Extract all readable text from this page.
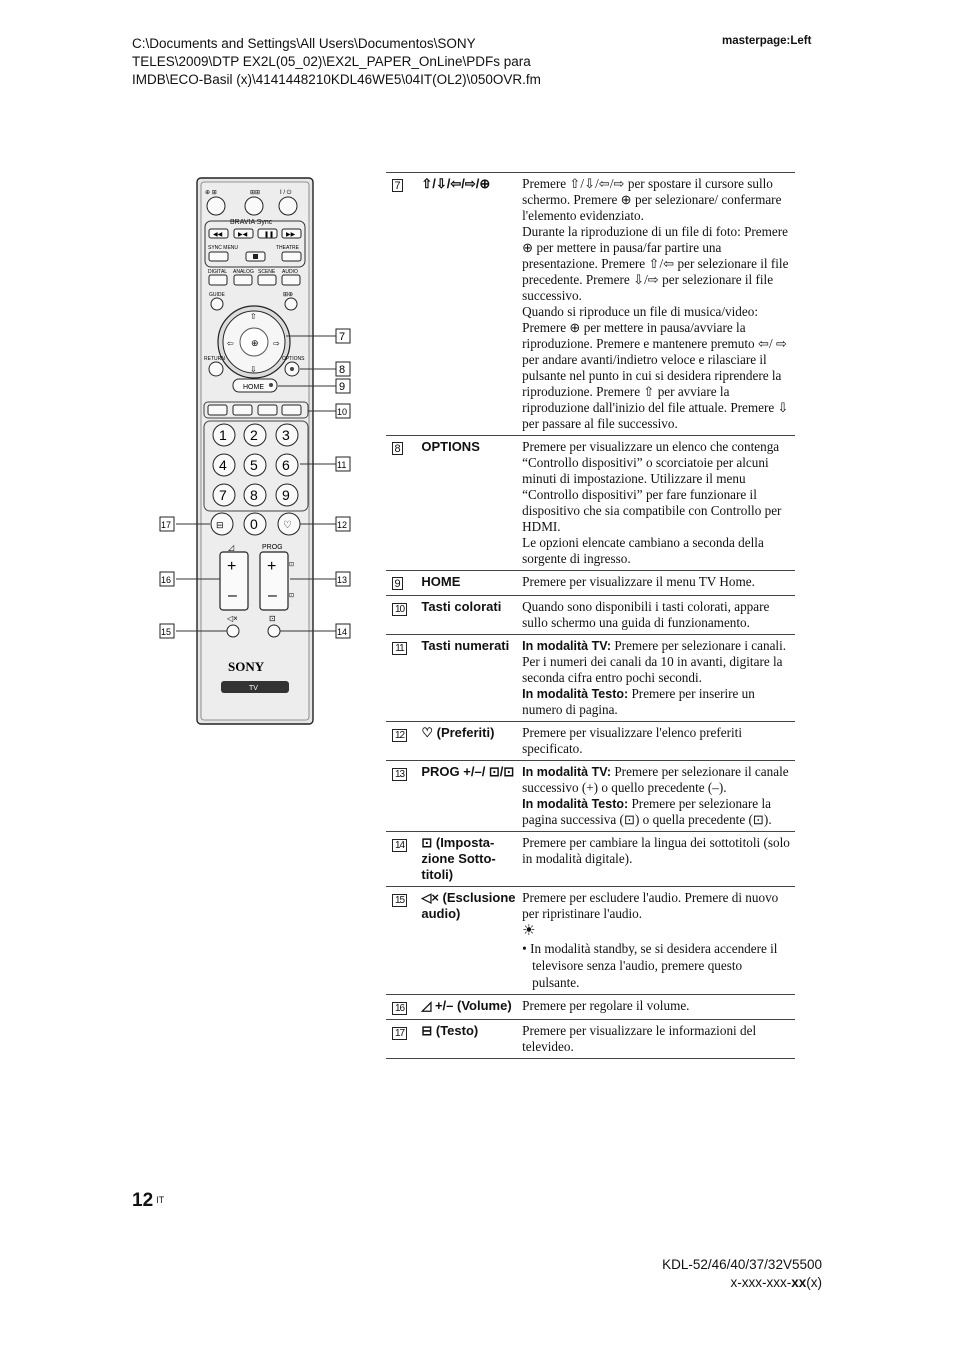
C:\Documents and Settings\All Users\Documentos\SONY
TELES\2009\DTP EX2L(05_02)\EX2L_PAPER_OnLine\PDFs para
IMDB\ECO-Basil (x)\4141448210KDL46WE5\04IT(OL2)\050OVR.fm
masterpage:Left
⊕ ⊞	⊞⊞	I / ⏻
BRAVIA Sync
◀◀	▶◀	❚❚ ▶▶
SYNC MENU	THEATRE
DIGITAL ANALOG SCENE AUDIO
GUIDE	⊞⊕
⊕
⇧
⇩
⇦	⇨
RETURN	OPTIONS
HOME
1 2 3
4 5 6
7 8 9
⊟ 0	♡
◿	PROG
+
–
+
–
⊡
⊡
◁×	⊡
SONY
TV
7
8
9
10
11
12
13
14
17
16
15
7	⇧/⇩/⇦/⇨/⊕	Premere ⇧/⇩/⇦/⇨ per spostare il cursore sullo schermo. Premere ⊕ per selezionare/ confermare l'elemento evidenziato.
Durante la riproduzione di un file di foto: Premere ⊕ per mettere in pausa/far partire una presentazione. Premere ⇧/⇦ per selezionare il file precedente. Premere ⇩/⇨ per selezionare il file successivo.
Quando si riproduce un file di musica/video: Premere ⊕ per mettere in pausa/avviare la riproduzione. Premere e mantenere premuto ⇦/ ⇨ per andare avanti/indietro veloce e rilasciare il pulsante nel punto in cui si desidera riprendere la riproduzione. Premere ⇧ per avviare la riproduzione dall'inizio del file attuale. Premere ⇩ per passare al file successivo.

8	OPTIONS	Premere per visualizzare un elenco che contenga “Controllo dispositivi” o scorciatoie per alcuni minuti di impostazione. Utilizzare il menu “Controllo dispositivi” per fare funzionare il dispositivo che sia compatibile con Controllo per HDMI.
Le opzioni elencate cambiano a seconda della sorgente di ingresso.

9	HOME	Premere per visualizzare il menu TV Home.

10	Tasti colorati	Quando sono disponibili i tasti colorati, appare sullo schermo una guida di funzionamento.

11	Tasti numerati	In modalità TV: Premere per selezionare i canali. Per i numeri dei canali da 10 in avanti, digitare la seconda cifra entro pochi secondi.
In modalità Testo: Premere per inserire un numero di pagina.

12	♡ (Preferiti)	Premere per visualizzare l'elenco preferiti specificato.

13	PROG +/–/ ⊡/⊡	In modalità TV: Premere per selezionare il canale successivo (+) o quello precedente (–).
In modalità Testo: Premere per selezionare la pagina successiva (⊡) o quella precedente (⊡).

14	⊡ (Imposta-zione Sotto-titoli)	Premere per cambiare la lingua dei sottotitoli (solo in modalità digitale).

15	◁× (Esclusione audio)	Premere per escludere l'audio. Premere di nuovo per ripristinare l'audio.
☀
• In modalità standby, se si desidera accendere il televisore senza l'audio, premere questo pulsante.

16	◿ +/– (Volume)	Premere per regolare il volume.

17	⊟ (Testo)	Premere per visualizzare le informazioni del televideo.
12 $^{IT}$
KDL-52/46/40/37/32V5500
x-xxx-xxx-xx(x)
